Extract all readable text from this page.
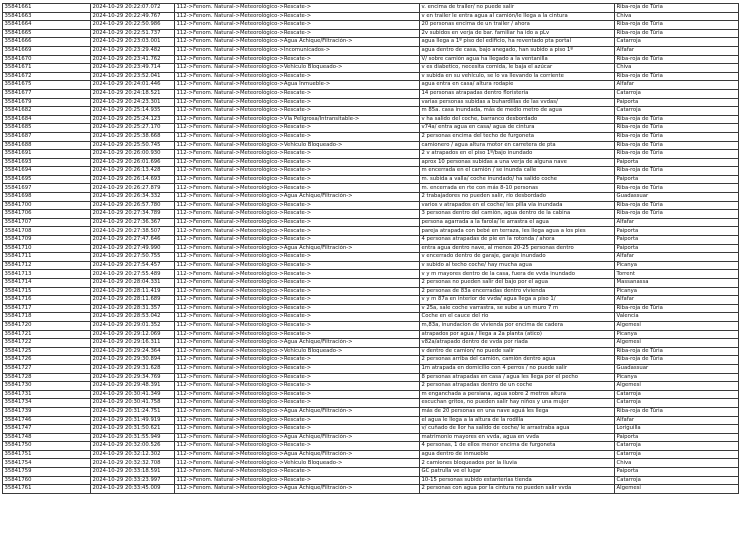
35841661	2024-10-29 20:22:07.072	112->Fenom. Natural->Meteorológico->Rescate->	v. encima de trailer/ no puede salir	Riba-roja de Túria
35841663	2024-10-29 20:22:49.767	112->Fenom. Natural->Meteorológico->Rescate->	v en trailer le entra agua al camión/le llega a la cintura	Chiva
35841664	2024-10-29 20:22:50.986	112->Fenom. Natural->Meteorológico->Rescate->	20 personas encima de un trailer / ahora	Riba-roja de Túria
35841665	2024-10-29 20:22:51.737	112->Fenom. Natural->Meteorológico->Rescate->	2v subidos en verja de bar. familiar ha ido a pLv	Riba-roja de Túria
35841666	2024-10-29 20:23:03.001	112->Fenom. Natural->Meteorológico->Agua Achique/Filtración->	agua llega a 1º piso del edificio, ha reventado pta portal	Catarroja
35841669	2024-10-29 20:23:29.482	112->Fenom. Natural->Meteorológico->Incomunicados->	agua dentro de casa, bajo anegado, han subido a piso 1º	Alfafar
35841670	2024-10-29 20:23:41.762	112->Fenom. Natural->Meteorológico->Rescate->	V/ sobre camión agua ha llegado a la ventanilla	Riba-roja de Túria
35841671	2024-10-29 20:23:49.714	112->Fenom. Natural->Meteorológico->Vehículo Bloqueado->	v es diabetico, necesita comida, le baja el azúcar	Chiva
35841672	2024-10-29 20:23:52.041	112->Fenom. Natural->Meteorológico->Rescate->	v subida en su vehículo, se lo va llevando la corriente	Riba-roja de Túria
35841675	2024-10-29 20:24:01.446	112->Fenom. Natural->Meteorológico->Agua Inmueble->	agua entra en casa/ altura rodapie	Alfafar
35841677	2024-10-29 20:24:18.521	112->Fenom. Natural->Meteorológico->Rescate->	14 personas atrapadas dentro floristería	Catarroja
35841679	2024-10-29 20:24:23.301	112->Fenom. Natural->Meteorológico->Rescate->	varias personas subidas a buhardillas de las vvdas/	Paiporta
35841682	2024-10-29 20:25:14.935	112->Fenom. Natural->Meteorológico->Rescate->	m 85a. casa inundada, más de medio metro de agua	Catarroja
35841684	2024-10-29 20:25:24.123	112->Fenom. Natural->Meteorológico->Vía Peligrosa/Intransitable->	v ha salido del coche, barranco desbordado	Riba-roja de Túria
35841685	2024-10-29 20:25:27.170	112->Fenom. Natural->Meteorológico->Rescate->	v74a/ entra agua en casa/ agua de cintura	Riba-roja de Túria
35841687	2024-10-29 20:25:38.668	112->Fenom. Natural->Meteorológico->Rescate->	2 personas encima del techo de furgoneta	Riba-roja de Túria
35841688	2024-10-29 20:25:50.745	112->Fenom. Natural->Meteorológico->Vehículo Bloqueado->	camionero / agua altura motor en carretera de pta	Riba-roja de Túria
35841691	2024-10-29 20:26:00.930	112->Fenom. Natural->Meteorológico->Rescate->	2 v atrapados en el piso 1º/bajo inundado	Riba-roja de Túria
35841693	2024-10-29 20:26:01.696	112->Fenom. Natural->Meteorológico->Rescate->	aprox 10 personas subidas a una verja de alguna nave	Paiporta
35841694	2024-10-29 20:26:13.428	112->Fenom. Natural->Meteorológico->Rescate->	m encerrada en el camión / se inunda calle	Riba-roja de Túria
35841695	2024-10-29 20:26:14.693	112->Fenom. Natural->Meteorológico->Rescate->	m. subida a valla/ coche inundado/ ha salido coche	Paiporta
35841697	2024-10-29 20:26:27.879	112->Fenom. Natural->Meteorológico->Rescate->	m. encerrada en rte con más 8-10 personas	Riba-roja de Túria
35841698	2024-10-29 20:26:34.332	112->Fenom. Natural->Meteorológico->Agua Achique/Filtración->	2 trabajadores no pueden salir, río desbordado	Guadassuar
35841700	2024-10-29 20:26:57.780	112->Fenom. Natural->Meteorológico->Rescate->	varios v atrapados en el coche/ les pilla vía inundada	Riba-roja de Túria
35841706	2024-10-29 20:27:34.789	112->Fenom. Natural->Meteorológico->Rescate->	3 personas dentro del camión, agua dentro de la cabina	Riba-roja de Túria
35841707	2024-10-29 20:27:36.367	112->Fenom. Natural->Meteorológico->Rescate->	persona agarrada a la farola/ le arrastra el agua	Alfafar
35841708	2024-10-29 20:27:38.507	112->Fenom. Natural->Meteorológico->Rescate->	pareja atrapada con bebé en terraza, les llega agua a los pies	Paiporta
35841709	2024-10-29 20:27:47.646	112->Fenom. Natural->Meteorológico->Rescate->	4 personas atrapadas de pie en la rotonda / ahora	Paiporta
35841710	2024-10-29 20:27:49.990	112->Fenom. Natural->Meteorológico->Agua Achique/Filtración->	entra agua dentro nave, al menos 20-25 personas dentro	Paiporta
35841711	2024-10-29 20:27:50.755	112->Fenom. Natural->Meteorológico->Rescate->	v encerrado dentro de garaje, garaje inundado	Alfafar
35841712	2024-10-29 20:27:54.457	112->Fenom. Natural->Meteorológico->Rescate->	v subido al techo coche/ hay mucha agua	Picanya
35841713	2024-10-29 20:27:55.489	112->Fenom. Natural->Meteorológico->Rescate->	v y m mayores dentro de la casa, fuera de vvda inundado	Torrent
35841714	2024-10-29 20:28:04.331	112->Fenom. Natural->Meteorológico->Rescate->	2 personas no pueden salir del bajo por el agua	Massanassa
35841715	2024-10-29 20:28:11.419	112->Fenom. Natural->Meteorológico->Rescate->	2 personas de 83a encerradas dentro vivienda	Picanya
35841716	2024-10-29 20:28:11.689	112->Fenom. Natural->Meteorológico->Rescate->	v y m 87a en interior de vvda/ agua llega a piso 1/	Alfafar
35841717	2024-10-29 20:28:31.357	112->Fenom. Natural->Meteorológico->Rescate->	v 25a, sale coche varrastra, se sube a un muro 7 m	Riba-roja de Túria
35841718	2024-10-29 20:28:53.042	112->Fenom. Natural->Meteorológico->Rescate->	Coche en el cauce del rio	Valencia
35841720	2024-10-29 20:29:01.352	112->Fenom. Natural->Meteorológico->Rescate->	m,83a, inundacion de vivienda por encima de cadera	Algemesí
35841721	2024-10-29 20:29:12.069	112->Fenom. Natural->Meteorológico->Rescate->	atrapados por agua / llega a 2a planta (atico)	Picanya
35841722	2024-10-29 20:29:16.311	112->Fenom. Natural->Meteorológico->Agua Achique/Filtración->	v82a/atrapado dentro de vvda por riada	Algemesí
35841725	2024-10-29 20:29:24.364	112->Fenom. Natural->Meteorológico->Vehículo Bloqueado->	v dentro de camion/ no puede salir	Riba-roja de Túria
35841726	2024-10-29 20:29:30.894	112->Fenom. Natural->Meteorológico->Rescate->	2 personas arriba del camión, camión dentro agua	Riba-roja de Túria
35841727	2024-10-29 20:29:31.628	112->Fenom. Natural->Meteorológico->Rescate->	1m atrapada en domicilio con 4 perros / no puede salir	Guadassuar
35841728	2024-10-29 20:29:34.769	112->Fenom. Natural->Meteorológico->Rescate->	8 personas atrapadas en casa / agua les llega por el pecho	Picanya
35841730	2024-10-29 20:29:48.391	112->Fenom. Natural->Meteorológico->Rescate->	2 personas atrapadas dentro de un coche	Algemesí
35841731	2024-10-29 20:30:41.349	112->Fenom. Natural->Meteorológico->Rescate->	m enganchada a persiana, agua sobre 2 metros altura	Catarroja
35841734	2024-10-29 20:30:41.758	112->Fenom. Natural->Meteorológico->Rescate->	escuchan gritos, no pueden salir hay niños y una mujer	Catarroja
35841739	2024-10-29 20:31:24.751	112->Fenom. Natural->Meteorológico->Agua Achique/Filtración->	más de 20 personas en una nave aguá les llega	Riba-roja de Túria
35841746	2024-10-29 20:31:49.919	112->Fenom. Natural->Meteorológico->Rescate->	el agua le llega a la altura de la rodilla	Alfafar
35841747	2024-10-29 20:31:50.621	112->Fenom. Natural->Meteorológico->Rescate->	v/ cuñado de llor ha salido de coche/ le arrastraba agua	Loriguilla
35841748	2024-10-29 20:31:55.949	112->Fenom. Natural->Meteorológico->Agua Achique/Filtración->	matrimonio mayores en vvda, agua en vvda	Paiporta
35841750	2024-10-29 20:32:00.526	112->Fenom. Natural->Meteorológico->Rescate->	4 personas, 1 de ellos menor encima de furgoneta	Catarroja
35841751	2024-10-29 20:32:12.302	112->Fenom. Natural->Meteorológico->Agua Achique/Filtración->	agua dentro de inmueble	Catarroja
35841754	2024-10-29 20:32:32.708	112->Fenom. Natural->Meteorológico->Vehículo Bloqueado->	2 camiones bloqueados por la lluvia	Chiva
35841759	2024-10-29 20:33:18.591	112->Fenom. Natural->Meteorológico->Rescate->	GC patrulla ve el lugar	Paiporta
35841760	2024-10-29 20:33:23.997	112->Fenom. Natural->Meteorológico->Rescate->	10-15 personas subido estanterias tienda	Catarroja
35841761	2024-10-29 20:33:45.009	112->Fenom. Natural->Meteorológico->Agua Achique/Filtración->	2 personas con agua por la cintura no pueden salir vvda	Algemesí
